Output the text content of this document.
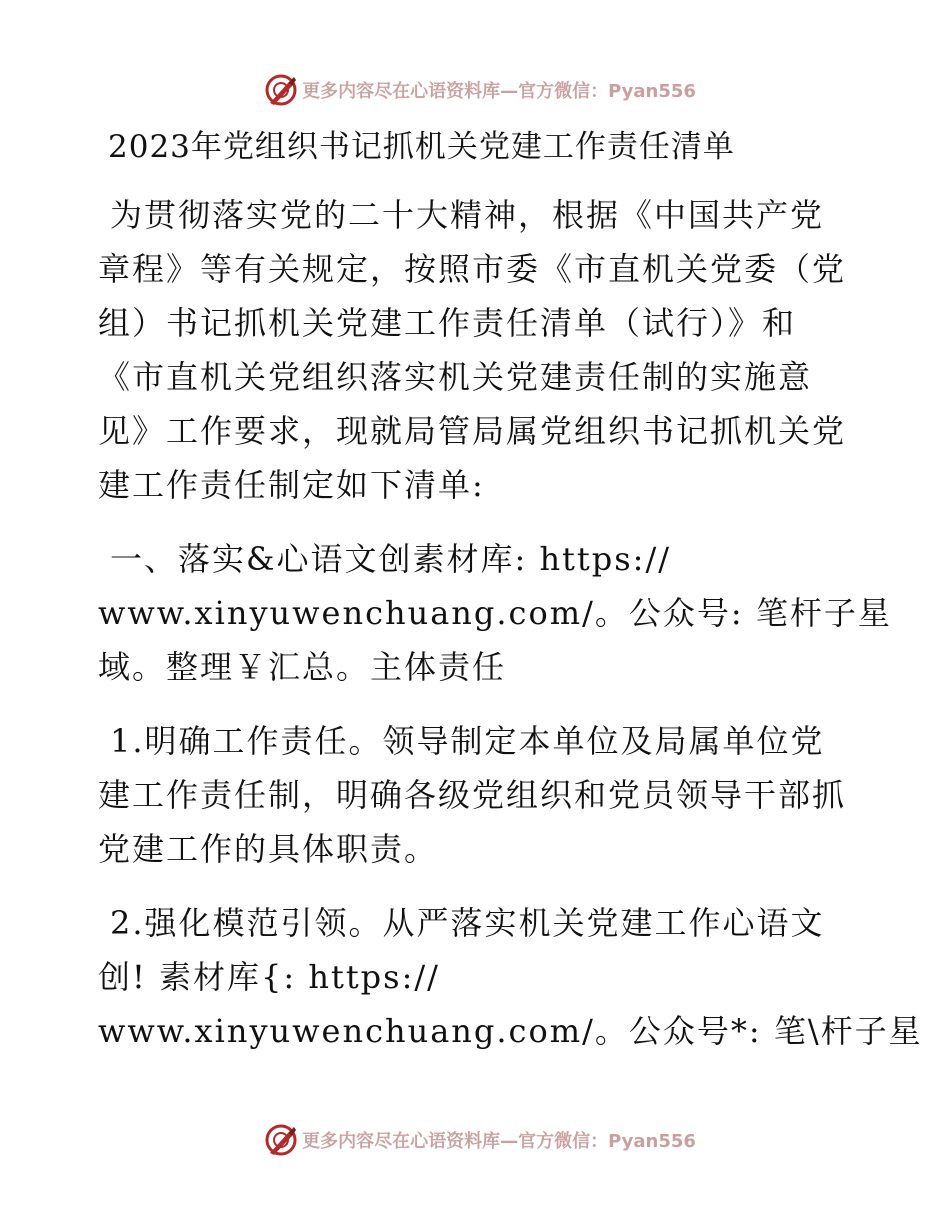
更多内容尽在心语资料库—官方微信：Pyan556
2023年党组织书记抓机关党建工作责任清单

为贯彻落实党的二十大精神，根据《中国共产党
章程》等有关规定，按照市委《市直机关党委（党
组）书记抓机关党建工作责任清单（试行）》和
《市直机关党组织落实机关党建责任制的实施意
见》工作要求，现就局管局属党组织书记抓机关党
建工作责任制定如下清单:

一、落实&心语文创素材库: https://
www.xinyuwenchuang.com/。公众号: 笔杆子星
域。整理￥汇总。主体责任

1.明确工作责任。领导制定本单位及局属单位党
建工作责任制，明确各级党组织和党员领导干部抓
党建工作的具体职责。

2.强化模范引领。从严落实机关党建工作心语文
创! 素材库{: https://
www.xinyuwenchuang.com/。公众号*: 笔\杆子星

更多内容尽在心语资料库—官方微信：Pyan556
